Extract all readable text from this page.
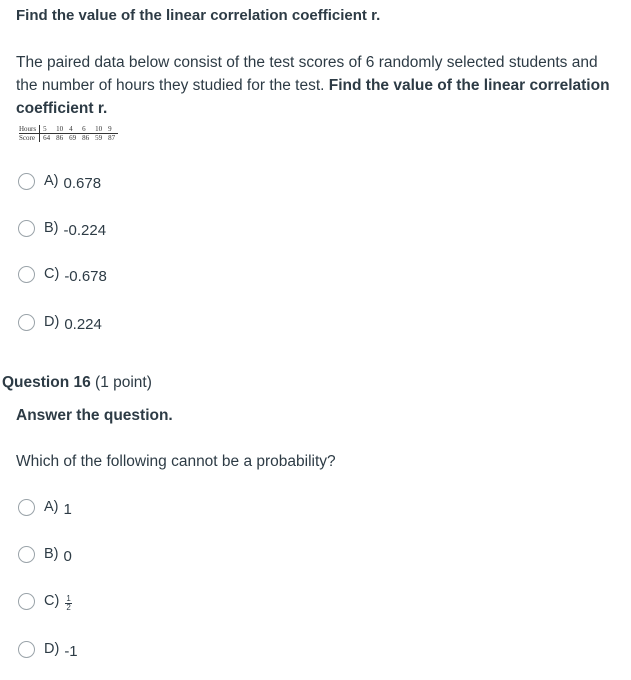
Find the value of the linear correlation coefficient r.
The paired data below consist of the test scores of 6 randomly selected students and the number of hours they studied for the test. Find the value of the linear correlation coefficient r.
Hours	5	10	4	6	10	9
Score	64	86	69	86	59	87
A) 0.678
B) -0.224
C) -0.678
D) 0.224
Question 16 (1 point)
Answer the question.
Which of the following cannot be a probability?
A) 1
B) 0
$C) \frac{1}{2}$
D) -1
